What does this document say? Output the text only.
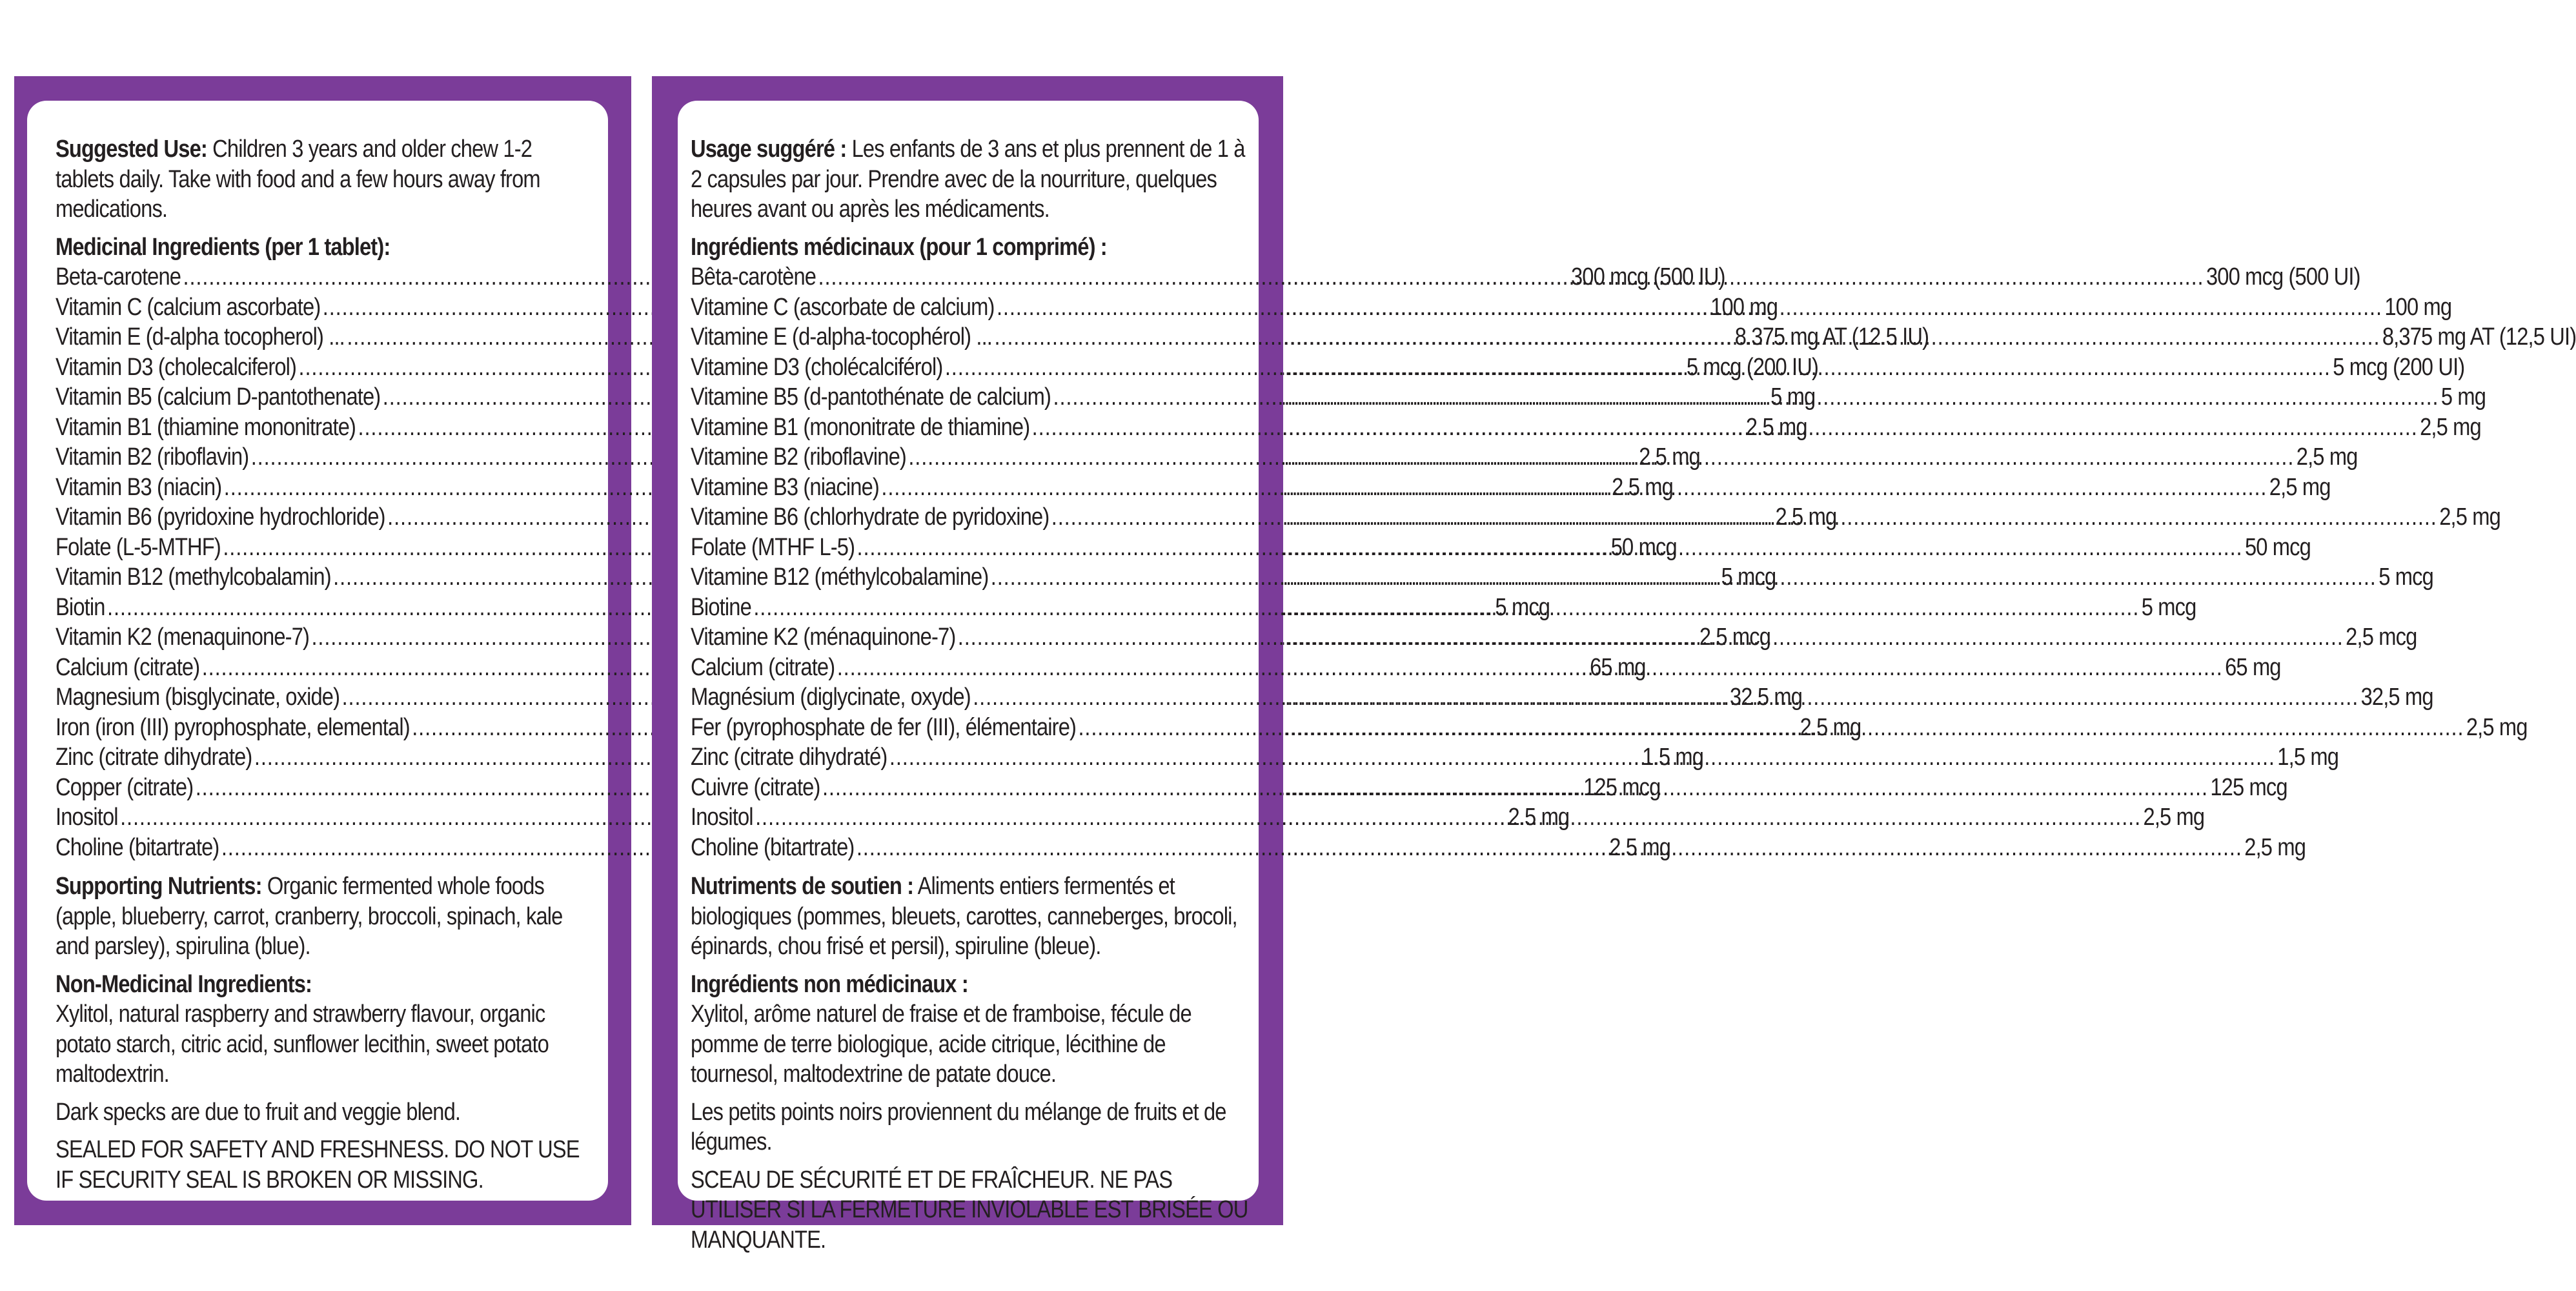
Suggested Use: Children 3 years and older chew 1-2 tablets daily. Take with food and a few hours away from medications.

Medicinal Ingredients (per 1 tablet):
Beta-carotene .....	300 mcg (500 IU)
Vitamin C (calcium ascorbate) .....	100 mg
Vitamin E (d-alpha tocopherol) ... .....	8.375 mg AT (12.5 IU)
Vitamin D3 (cholecalciferol) .....	5 mcg (200 IU)
Vitamin B5 (calcium D-pantothenate) .....	5 mg
Vitamin B1 (thiamine mononitrate) .....	2.5 mg
Vitamin B2 (riboflavin) .....	2.5 mg
Vitamin B3 (niacin) .....	2.5 mg
Vitamin B6 (pyridoxine hydrochloride) .....	2.5 mg
Folate (L-5-MTHF) .....	50 mcg
Vitamin B12 (methylcobalamin) .....	5 mcg
Biotin .....	5 mcg
Vitamin K2 (menaquinone-7) .....	2.5 mcg
Calcium (citrate) .....	65 mg
Magnesium (bisglycinate, oxide) .....	32.5 mg
Iron (iron (III) pyrophosphate, elemental) .....	2.5 mg
Zinc (citrate dihydrate) .....	1.5 mg
Copper (citrate) .....	125 mcg
Inositol .....	2.5 mg
Choline (bitartrate) .....	2.5 mg

Supporting Nutrients: Organic fermented whole foods (apple, blueberry, carrot, cranberry, broccoli, spinach, kale and parsley), spirulina (blue).

Non-Medicinal Ingredients:

Xylitol, natural raspberry and strawberry flavour, organic potato starch, citric acid, sunflower lecithin, sweet potato maltodextrin.

Dark specks are due to fruit and veggie blend.

SEALED FOR SAFETY AND FRESHNESS. DO NOT USE IF SECURITY SEAL IS BROKEN OR MISSING.

Usage suggéré : Les enfants de 3 ans et plus prennent de 1 à 2 capsules par jour. Prendre avec de la nourriture, quelques heures avant ou après les médicaments.

Ingrédients médicinaux (pour 1 comprimé) :
Bêta-carotène .....	300 mcg (500 UI)
Vitamine C (ascorbate de calcium) .....	100 mg
Vitamine E (d-alpha-tocophérol) ... .....	8,375 mg AT (12,5 UI)
Vitamine D3 (cholécalciférol) .....	5 mcg (200 UI)
Vitamine B5 (d-pantothénate de calcium) .....	5 mg
Vitamine B1 (mononitrate de thiamine) .....	2,5 mg
Vitamine B2 (riboflavine) .....	2,5 mg
Vitamine B3 (niacine) .....	2,5 mg
Vitamine B6 (chlorhydrate de pyridoxine) .....	2,5 mg
Folate (MTHF L-5) .....	50 mcg
Vitamine B12 (méthylcobalamine) .....	5 mcg
Biotine .....	5 mcg
Vitamine K2 (ménaquinone-7) .....	2,5 mcg
Calcium (citrate) .....	65 mg
Magnésium (diglycinate, oxyde) .....	32,5 mg
Fer (pyrophosphate de fer (III), élémentaire) .....	2,5 mg
Zinc (citrate dihydraté) .....	1,5 mg
Cuivre (citrate) .....	125 mcg
Inositol .....	2,5 mg
Choline (bitartrate) .....	2,5 mg

Nutriments de soutien : Aliments entiers fermentés et biologiques (pommes, bleuets, carottes, canneberges, brocoli, épinards, chou frisé et persil), spiruline (bleue).

Ingrédients non médicinaux :

Xylitol, arôme naturel de fraise et de framboise, fécule de pomme de terre biologique, acide citrique, lécithine de tournesol, maltodextrine de patate douce.

Les petits points noirs proviennent du mélange de fruits et de légumes.

SCEAU DE SÉCURITÉ ET DE FRAÎCHEUR. NE PAS UTILISER SI LA FERMETURE INVIOLABLE EST BRISÉE OU MANQUANTE.
